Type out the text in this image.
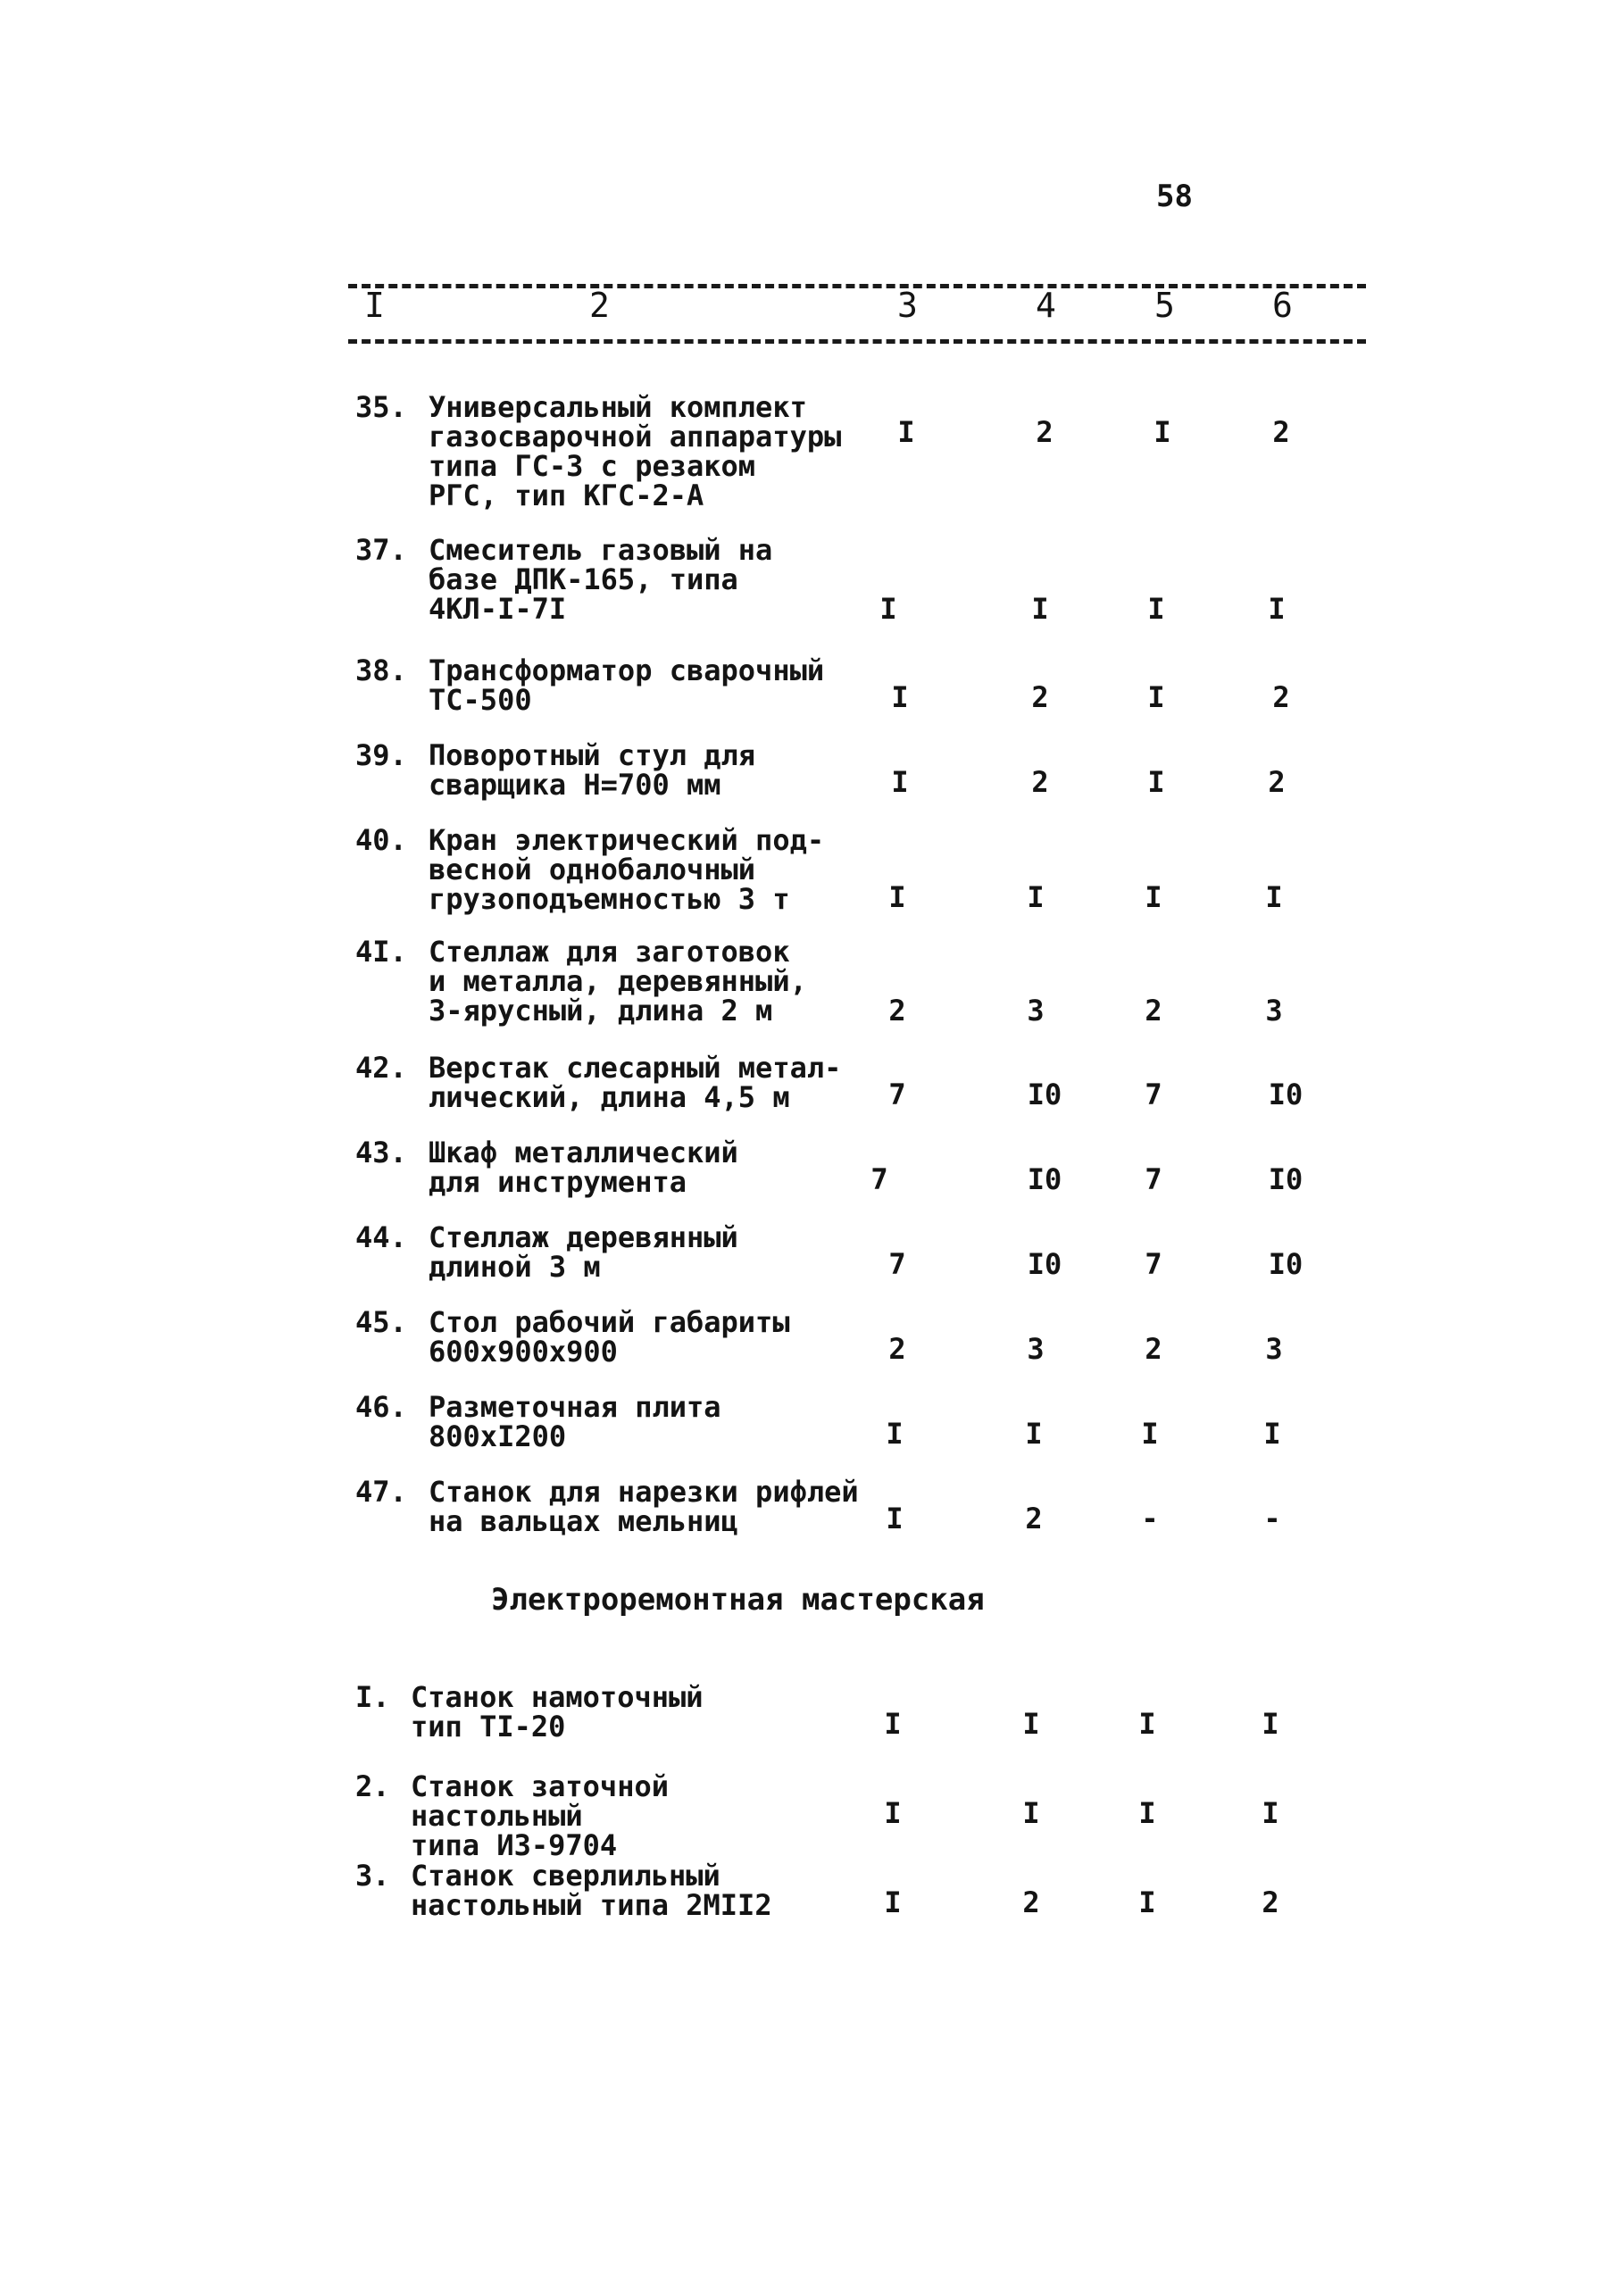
58
I	2	3	4	5	6
35. Универсальный комплект
газосварочной аппаратуры
типа ГС-3 с резаком
РГС, тип КГС-2-А
I	2	I	2
37. Смеситель газовый на
базе ДПК-165, типа
4КЛ-I-7I	I	I	I	I
38. Трансформатор сварочный
ТС-500	I	2	I	2
39. Поворотный стул для
сварщика Н=700 мм	I	2	I	2
40. Кран электрический под-
весной однобалочный
грузоподъемностью 3 т	I	I	I	I
4I. Стеллаж для заготовок
и металла, деревянный,
3-ярусный, длина 2 м	2	3	2	3
42. Верстак слесарный метал-
лический, длина 4,5 м	7	I0	7	I0
43. Шкаф металлический
для инструмента	7	I0	7	I0
44. Стеллаж деревянный
длиной 3 м	7	I0	7	I0
45. Стол рабочий габариты
600х900х900	2	3	2	3
46. Разметочная плита
800хI200	I	I	I	I
47. Станок для нарезки рифлей
на вальцах мельниц	I	2	-	-
Электроремонтная мастерская
I. Станок намоточный
тип ТI-20	I	I	I	I
2. Станок заточной настольный
типа ИЗ-9704
I	I	I	I
3. Станок сверлильный
настольный типа 2МII2	I	2	I	2
